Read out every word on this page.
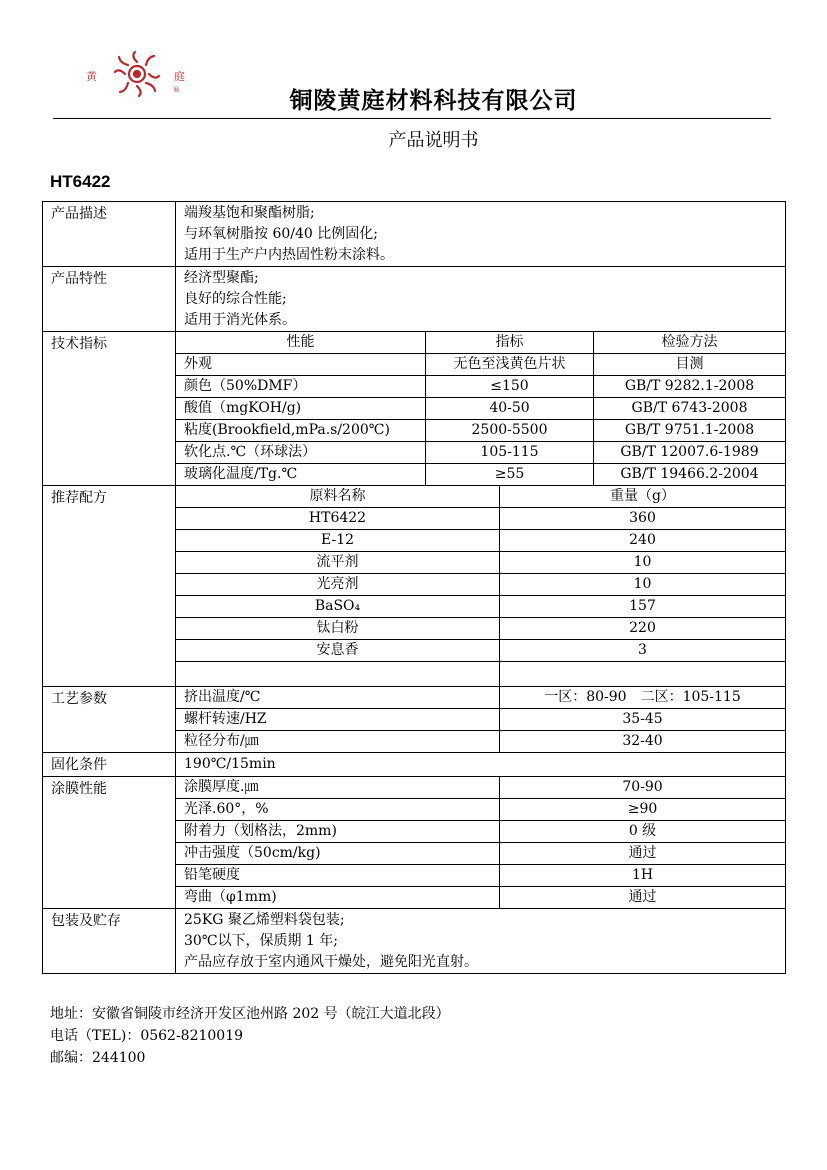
黄	庭
®	铜陵黄庭材料科技有限公司
产品说明书
HT6422
产品描述	端羧基饱和聚酯树脂;
与环氧树脂按 60/40 比例固化;
适用于生产户内热固性粉末涂料。			

产品特性	经济型聚酯;
良好的综合性能;
适用于消光体系。			

技术指标	性能	指标		检验方法
	外观	无色至浅黄色片状		目测
	颜色（50%DMF）	≤150		GB/T 9282.1-2008
	酸值（mgKOH/g)	40-50		GB/T 6743-2008
	粘度(Brookfield,mPa.s/200℃)	2500-5500		GB/T 9751.1-2008
	软化点.℃（环球法）	105-115		GB/T 12007.6-1989
	玻璃化温度/Tg.℃	≥55		GB/T 19466.2-2004
推荐配方	原料名称		重量（g）	
	HT6422		360	
	E-12		240	
	流平剂		10	
	光亮剂		10	
	BaSO₄		157	
	钛白粉		220	
	安息香		3	

工艺参数	挤出温度/℃		一区：80-90　二区：105-115	
	螺杆转速/HZ		35-45	
	粒径分布/㎛		32-40	
固化条件	190℃/15min			
涂膜性能	涂膜厚度.㎛		70-90	
	光泽.60°，%		≥90	
	附着力（划格法，2mm)		0 级	
	冲击强度（50cm/kg)		通过	
	铅笔硬度		1H	
	弯曲（φ1mm)		通过	
包装及贮存	25KG 聚乙烯塑料袋包装;
30℃以下，保质期 1 年;
产品应存放于室内通风干燥处，避免阳光直射。			
地址：安徽省铜陵市经济开发区池州路 202 号（皖江大道北段）
电话（TEL)：0562-8210019
邮编：244100
